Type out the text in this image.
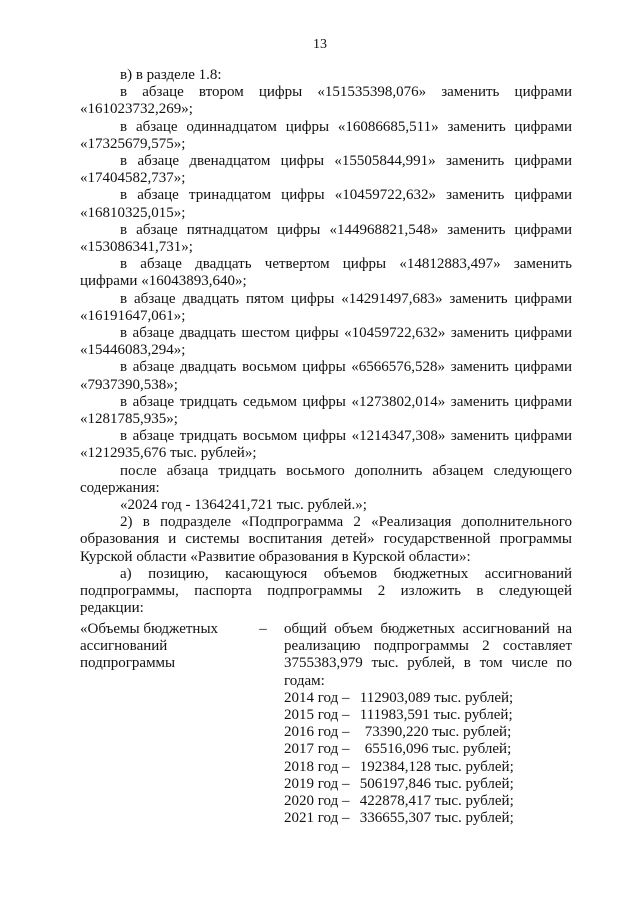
13

в) в разделе 1.8:

в абзаце втором цифры «151535398,076» заменить цифрами

«161023732,269»;

в абзаце одиннадцатом цифры «16086685,511» заменить цифрами

«17325679,575»;

в абзаце двенадцатом цифры «15505844,991» заменить цифрами

«17404582,737»;

в абзаце тринадцатом цифры «10459722,632» заменить цифрами

«16810325,015»;

в абзаце пятнадцатом цифры «144968821,548» заменить цифрами

«153086341,731»;

в абзаце двадцать четвертом цифры «14812883,497» заменить

цифрами «16043893,640»;

в абзаце двадцать пятом цифры «14291497,683» заменить цифрами

«16191647,061»;

в абзаце двадцать шестом цифры «10459722,632» заменить цифрами

«15446083,294»;

в абзаце двадцать восьмом цифры «6566576,528» заменить цифрами

«7937390,538»;

в абзаце тридцать седьмом цифры «1273802,014» заменить цифрами

«1281785,935»;

в абзаце тридцать восьмом цифры «1214347,308» заменить цифрами

«1212935,676 тыс. рублей»;

после абзаца тридцать восьмого дополнить абзацем следующего

содержания:

«2024 год - 1364241,721 тыс. рублей.»;

2) в подразделе «Подпрограмма 2 «Реализация дополнительного

образования и системы воспитания детей» государственной программы

Курской области «Развитие образования в Курской области»:

а) позицию, касающуюся объемов бюджетных ассигнований

подпрограммы, паспорта подпрограммы 2 изложить в следующей

редакции:

«Объемы бюджетных
ассигнований
подпрограммы
– общий объем бюджетных ассигнований на

реализацию подпрограммы 2 составляет

3755383,979 тыс. рублей, в том числе по

годам:

2014 год – 112903,089 тыс. рублей;
2015 год – 111983,591 тыс. рублей;
2016 год – 73390,220 тыс. рублей;
2017 год – 65516,096 тыс. рублей;
2018 год – 192384,128 тыс. рублей;
2019 год – 506197,846 тыс. рублей;
2020 год – 422878,417 тыс. рублей;
2021 год – 336655,307 тыс. рублей;
